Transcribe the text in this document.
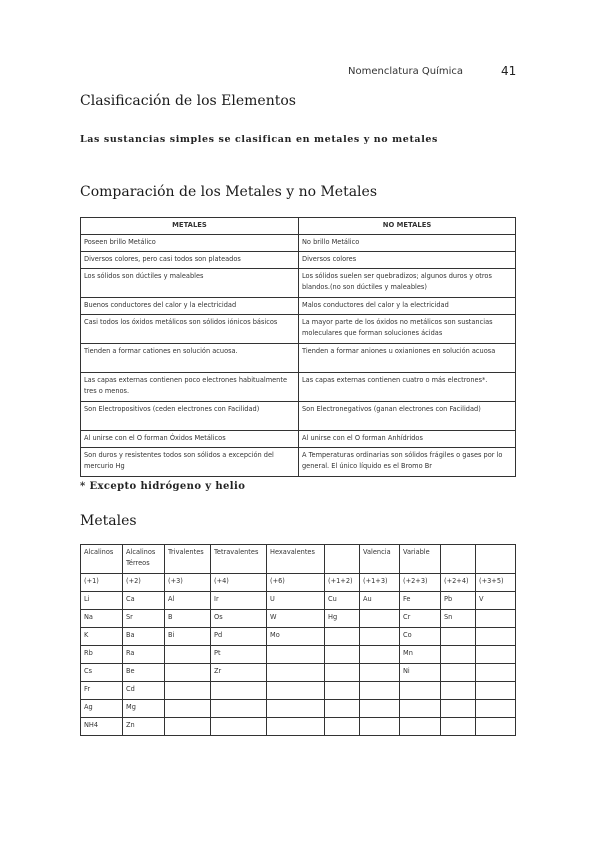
Nomenclatura Química	41
Clasificación de los Elementos
Las sustancias simples se clasifican en metales y no metales
Comparación de los Metales y no Metales
METALES	NO METALES
Poseen brillo Metálico	No brillo Metálico
Diversos colores, pero casi todos son plateados	Diversos colores
Los sólidos son dúctiles y maleables	Los sólidos suelen ser quebradizos; algunos duros y otros blandos.(no son dúctiles y maleables)
Buenos conductores del calor y la electricidad	Malos conductores del calor y la electricidad
Casi todos los óxidos metálicos son sólidos iónicos básicos	La mayor parte de los óxidos no metálicos son sustancias moleculares que forman soluciones ácidas
Tienden a formar cationes en solución acuosa.	Tienden a formar aniones u oxianiones en solución acuosa
Las capas externas contienen poco electrones habitualmente tres o menos.	Las capas externas contienen cuatro o más electrones*.
Son Electropositivos (ceden electrones con Facilidad)	Son Electronegativos (ganan electrones con Facilidad)
Al unirse con el O forman Óxidos Metálicos	Al unirse con el O forman Anhídridos
Son duros y resistentes todos son sólidos a excepción del mercurio Hg	A Temperaturas ordinarias son sólidos frágiles o gases por lo general. El único líquido es el Bromo Br
* Excepto hidrógeno y helio
Metales
Alcalinos	Alcalinos Térreos	Trivalentes	Tetravalentes	Hexavalentes		Valencia	Variable		
(+1)	(+2)	(+3)	(+4)	(+6)	(+1+2)	(+1+3)	(+2+3)	(+2+4)	(+3+5)
Li	Ca	Al	Ir	U	Cu	Au	Fe	Pb	V
Na	Sr	B	Os	W	Hg		Cr	Sn	
K	Ba	Bi	Pd	Mo			Co		
Rb	Ra		Pt				Mn		
Cs	Be		Zr				Ni		
Fr	Cd								
Ag	Mg								
NH4	Zn								
